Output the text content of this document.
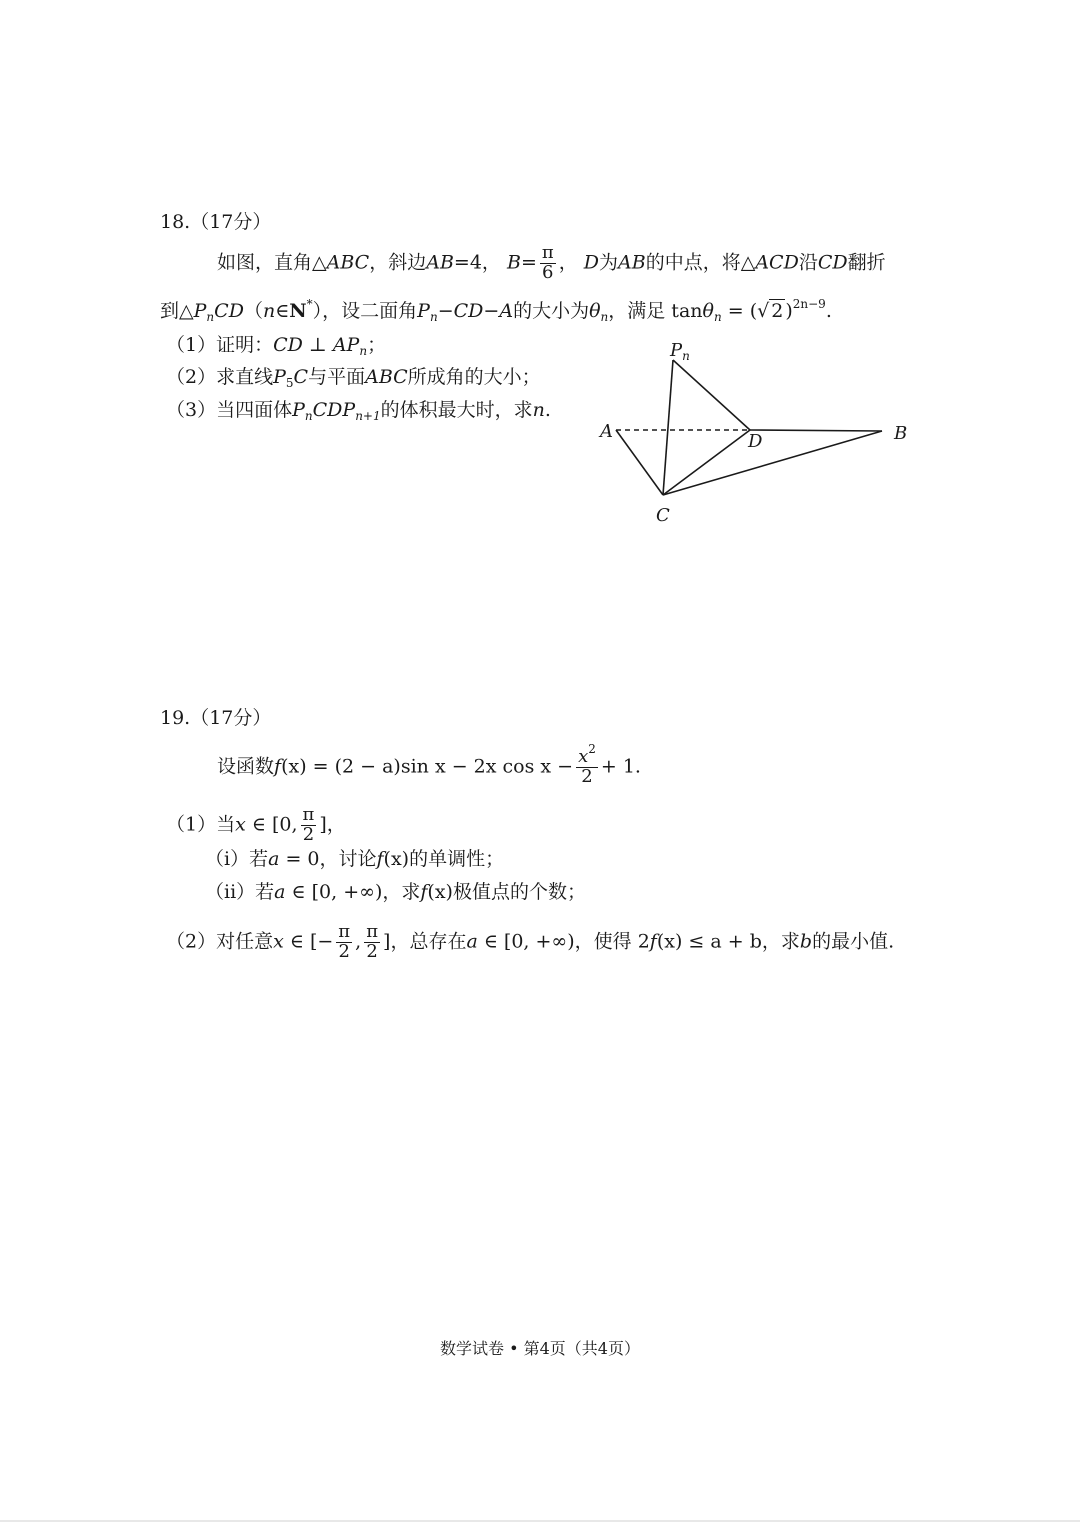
18.（17分）
如图，直角△ABC，斜边AB=4， $B= \frac{\pi}{6}$ ， D为AB的中点，将△ACD沿CD翻折
到$\triangle P_nCD(n\in N^*)$，设二面角$P_n-CD-A$的大小为$\theta_n$，满足 tanθ$_n$ = (√ 2 )$^{2n-9}$.
（1）证明：CD ⊥ $AP_n$；
（2）求直线$P_5C$与平面ABC所成角的大小；
（3）当四面体$P_nCDP_{n+1}$的体积最大时，求n.
$P_n$
A	D	B
C
19.（17分）
设函数f(x) = (2 − a)sin x − 2x $\cos x - \frac{x^2}{2} + 1$.
（1）当x ∈ [0, $\frac{\pi}{2}$ ]，
（i）若a = 0，讨论f(x)的单调性；
（ii）若a ∈ [0, +∞)，求f(x)极值点的个数；
（2）对任意x ∈ [− $\frac{\pi}{2}$ , $\frac{\pi}{2}$ ]，总存在a ∈ [0, +∞)，使得 2f(x) ≤ a + b，求b的最小值.
数学试卷 • 第4页（共4页）
